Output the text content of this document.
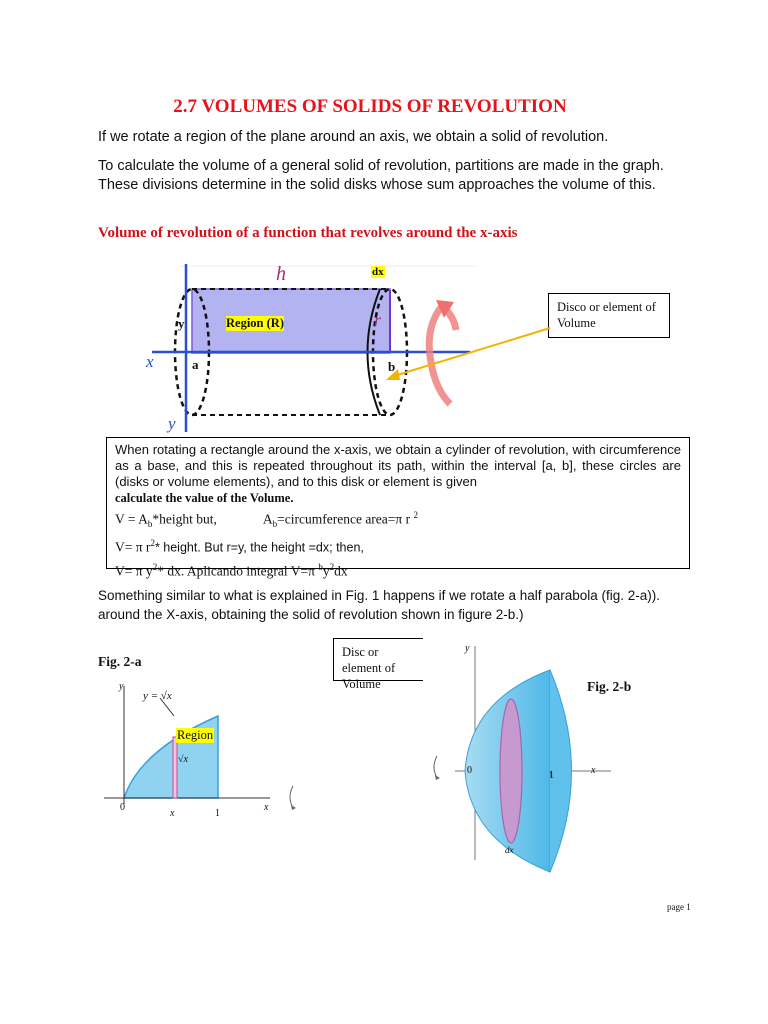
2.7 VOLUMES OF SOLIDS OF REVOLUTION
If we rotate a region of the plane around an axis, we obtain a solid of revolution.
To calculate the volume of a general solid of revolution, partitions are made in the graph. These divisions determine in the solid disks whose sum approaches the volume of this.
Volume of revolution of a function that revolves around the x-axis
h	dx
r
y	Region (R)
x
y
a	b
Disco or element of Volume
When rotating a rectangle around the x-axis, we obtain a cylinder of revolution, with circumference as a base, and this is repeated throughout its path, within the interval [a, b], these circles are (disks or volume elements), and to this disk or element is given
calculate the value of the Volume.
$V = A_b*height$ but,	$A_b=circumference$ area=π r $^2$
V= π $r^2*$ height. But r=y, the height =dx; then,
V= π $y^2*$ dx. Aplicando integral V=π $^by^2dx$
Something similar to what is explained in Fig. 1 happens if we rotate a half parabola (fig. 2-a)). around the X-axis, obtaining the solid of revolution shown in figure 2-b.)
Fig. 2-a
y
y = √x
Region
√x
0
x	1
x
Disc or element of Volume	Fig. 2-b
y
0	1	x
dx
page 1
